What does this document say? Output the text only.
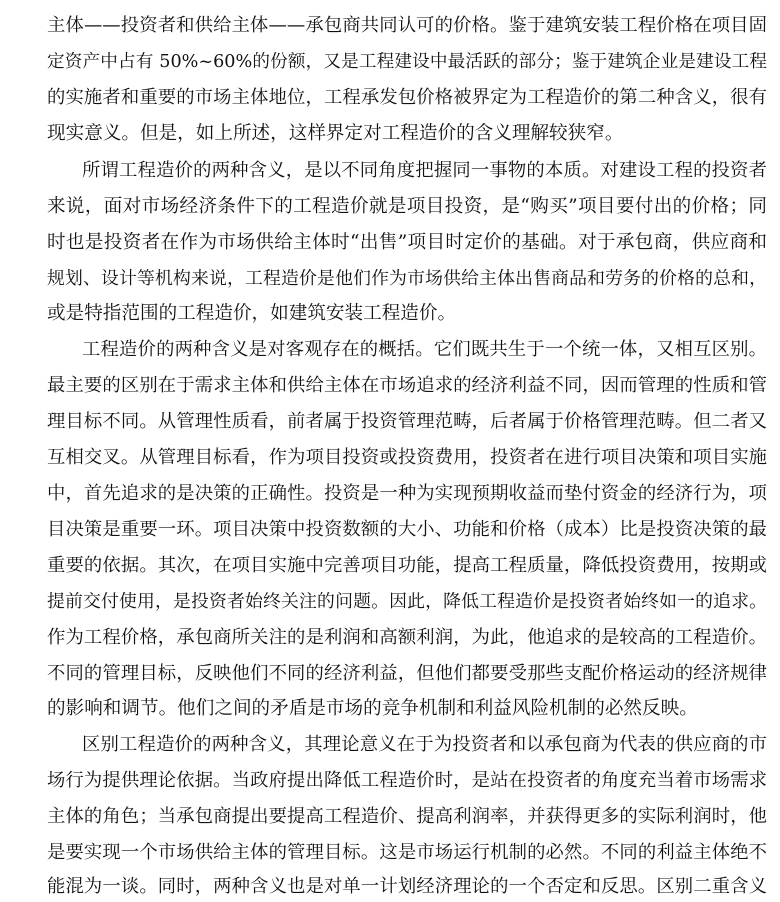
主体——投资者和供给主体——承包商共同认可的价格。鉴于建筑安装工程价格在项目固
定资产中占有 50%~60%的份额，又是工程建设中最活跃的部分；鉴于建筑企业是建设工程
的实施者和重要的市场主体地位，工程承发包价格被界定为工程造价的第二种含义，很有
现实意义。但是，如上所述，这样界定对工程造价的含义理解较狭窄。
所谓工程造价的两种含义，是以不同角度把握同一事物的本质。对建设工程的投资者
来说，面对市场经济条件下的工程造价就是项目投资，是“购买”项目要付出的价格；同
时也是投资者在作为市场供给主体时“出售”项目时定价的基础。对于承包商，供应商和
规划、设计等机构来说，工程造价是他们作为市场供给主体出售商品和劳务的价格的总和，
或是特指范围的工程造价，如建筑安装工程造价。
工程造价的两种含义是对客观存在的概括。它们既共生于一个统一体，又相互区别。
最主要的区别在于需求主体和供给主体在市场追求的经济利益不同，因而管理的性质和管
理目标不同。从管理性质看，前者属于投资管理范畴，后者属于价格管理范畴。但二者又
互相交叉。从管理目标看，作为项目投资或投资费用，投资者在进行项目决策和项目实施
中，首先追求的是决策的正确性。投资是一种为实现预期收益而垫付资金的经济行为，项
目决策是重要一环。项目决策中投资数额的大小、功能和价格（成本）比是投资决策的最
重要的依据。其次，在项目实施中完善项目功能，提高工程质量，降低投资费用，按期或
提前交付使用，是投资者始终关注的问题。因此，降低工程造价是投资者始终如一的追求。
作为工程价格，承包商所关注的是利润和高额利润，为此，他追求的是较高的工程造价。
不同的管理目标，反映他们不同的经济利益，但他们都要受那些支配价格运动的经济规律
的影响和调节。他们之间的矛盾是市场的竞争机制和利益风险机制的必然反映。
区别工程造价的两种含义，其理论意义在于为投资者和以承包商为代表的供应商的市
场行为提供理论依据。当政府提出降低工程造价时，是站在投资者的角度充当着市场需求
主体的角色；当承包商提出要提高工程造价、提高利润率，并获得更多的实际利润时，他
是要实现一个市场供给主体的管理目标。这是市场运行机制的必然。不同的利益主体绝不
能混为一谈。同时，两种含义也是对单一计划经济理论的一个否定和反思。区别二重含义
